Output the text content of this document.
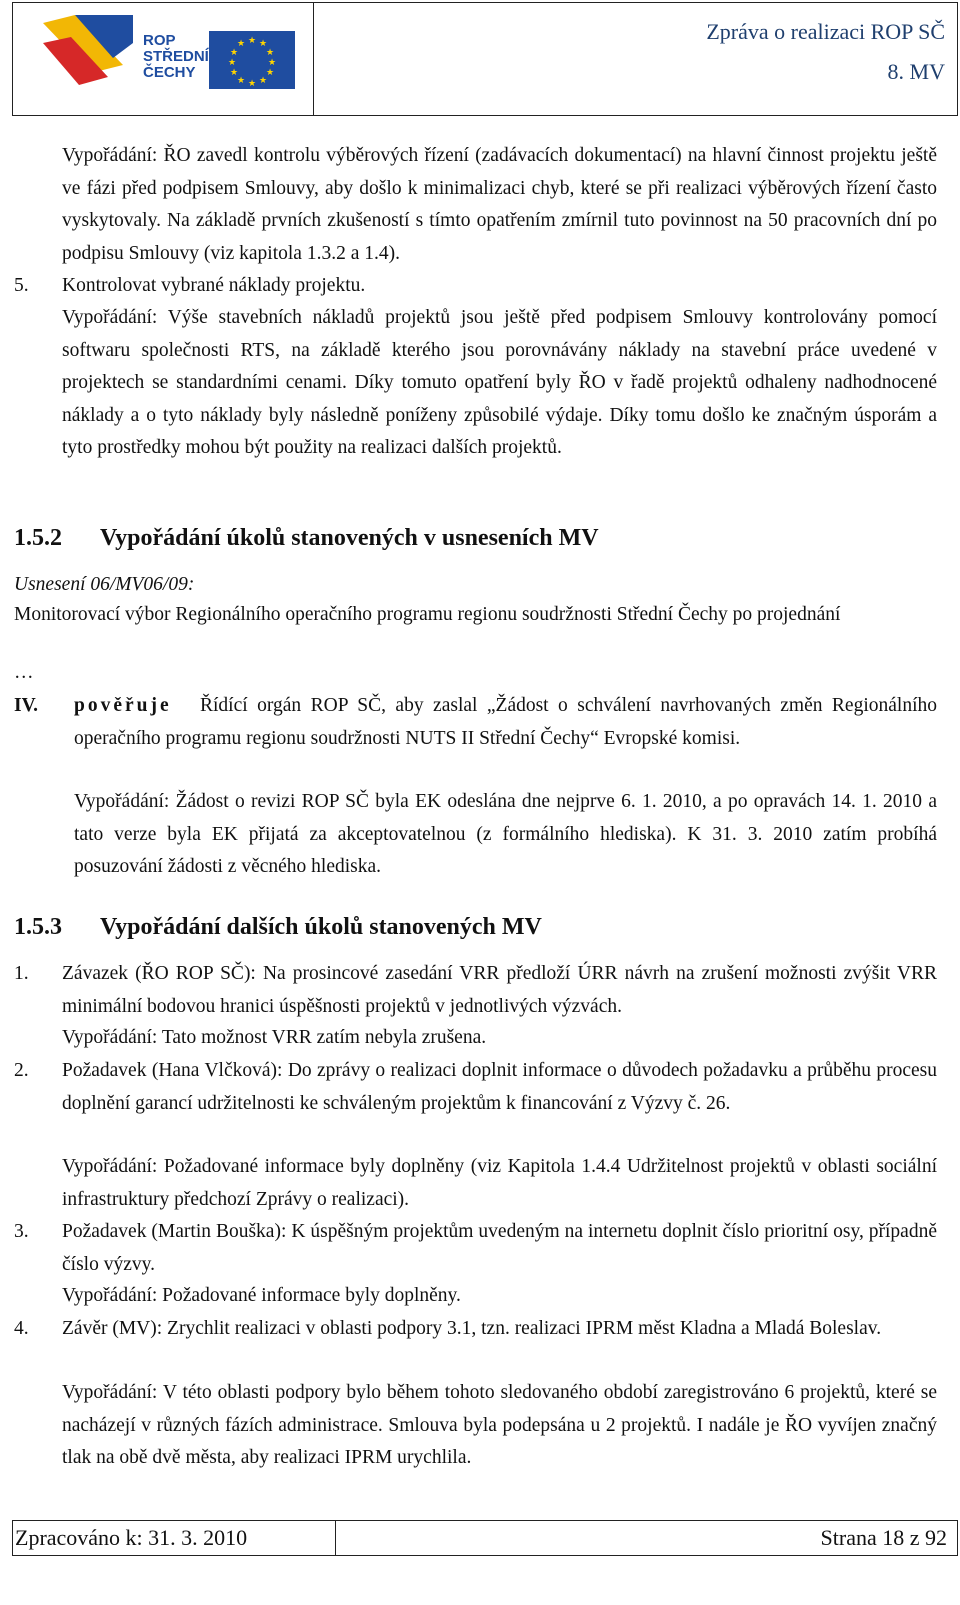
★ ★
★
★
★
★
★
★
★
★
★
★
ROP
STŘEDNÍ
ČECHY
Zpráva o realizaci ROP SČ
8. MV
Vypořádání: ŘO zavedl kontrolu výběrových řízení (zadávacích dokumentací) na hlavní činnost projektu ještě ve fázi před podpisem Smlouvy, aby došlo k minimalizaci chyb, které se při realizaci výběrových řízení často vyskytovaly. Na základě prvních zkušeností s tímto opatřením zmírnil tuto povinnost na 50 pracovních dní po podpisu Smlouvy (viz kapitola 1.3.2 a 1.4).
5. Kontrolovat vybrané náklady projektu.
Vypořádání: Výše stavebních nákladů projektů jsou ještě před podpisem Smlouvy kontrolovány pomocí softwaru společnosti RTS, na základě kterého jsou porovnávány náklady na stavební práce uvedené v projektech se standardními cenami. Díky tomuto opatření byly ŘO v řadě projektů odhaleny nadhodnocené náklady a o tyto náklady byly následně poníženy způsobilé výdaje. Díky tomu došlo ke značným úsporám a tyto prostředky mohou být použity na realizaci dalších projektů.
1.5.2 Vypořádání úkolů stanovených v usneseních MV
Usnesení 06/MV06/09:
Monitorovací výbor Regionálního operačního programu regionu soudržnosti Střední Čechy po projednání
…
IV. pověřuje Řídící orgán ROP SČ, aby zaslal „Žádost o schválení navrhovaných změn Regionálního operačního programu regionu soudržnosti NUTS II Střední Čechy“ Evropské komisi.
Vypořádání: Žádost o revizi ROP SČ byla EK odeslána dne nejprve 6. 1. 2010, a po opravách 14. 1. 2010 a tato verze byla EK přijatá za akceptovatelnou (z formálního hlediska). K 31. 3. 2010 zatím probíhá posuzování žádosti z věcného hlediska.
1.5.3 Vypořádání dalších úkolů stanovených MV
1. Závazek (ŘO ROP SČ): Na prosincové zasedání VRR předloží ÚRR návrh na zrušení možnosti zvýšit VRR minimální bodovou hranici úspěšnosti projektů v jednotlivých výzvách.
Vypořádání: Tato možnost VRR zatím nebyla zrušena.
2. Požadavek (Hana Vlčková): Do zprávy o realizaci doplnit informace o důvodech požadavku a průběhu procesu doplnění garancí udržitelnosti ke schváleným projektům k financování z Výzvy č. 26.
Vypořádání: Požadované informace byly doplněny (viz Kapitola 1.4.4 Udržitelnost projektů v oblasti sociální infrastruktury předchozí Zprávy o realizaci).
3. Požadavek (Martin Bouška): K úspěšným projektům uvedeným na internetu doplnit číslo prioritní osy, případně číslo výzvy.
Vypořádání: Požadované informace byly doplněny.
4. Závěr (MV): Zrychlit realizaci v oblasti podpory 3.1, tzn. realizaci IPRM měst Kladna a Mladá Boleslav.
Vypořádání: V této oblasti podpory bylo během tohoto sledovaného období zaregistrováno 6 projektů, které se nacházejí v různých fázích administrace. Smlouva byla podepsána u 2 projektů. I nadále je ŘO vyvíjen značný tlak na obě dvě města, aby realizaci IPRM urychlila.
Zpracováno k: 31. 3. 2010	Strana 18 z 92
